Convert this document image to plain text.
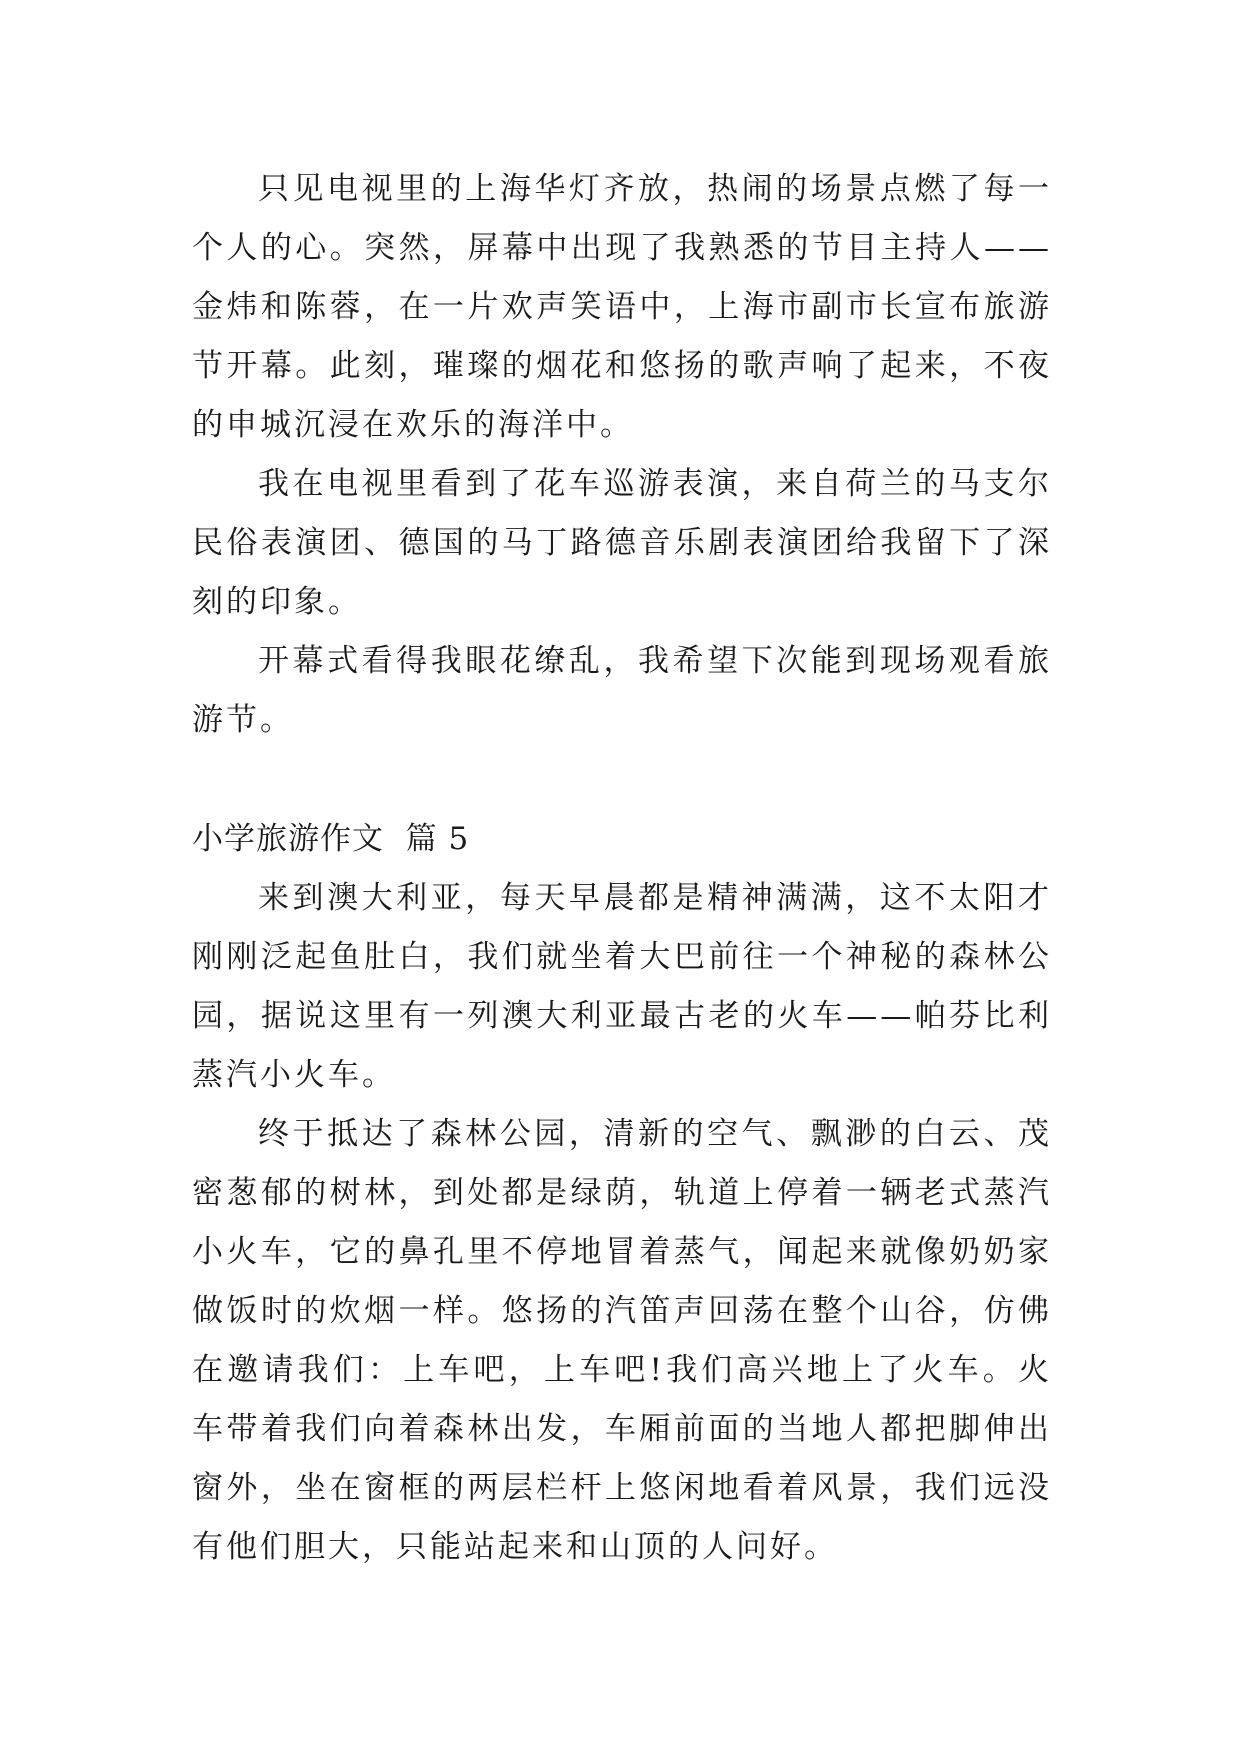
只见电视里的上海华灯齐放，热闹的场景点燃了每一个人的心。突然，屏幕中出现了我熟悉的节目主持人——金炜和陈蓉，在一片欢声笑语中，上海市副市长宣布旅游节开幕。此刻，璀璨的烟花和悠扬的歌声响了起来，不夜的申城沉浸在欢乐的海洋中。

我在电视里看到了花车巡游表演，来自荷兰的马支尔民俗表演团、德国的马丁路德音乐剧表演团给我留下了深刻的印象。

开幕式看得我眼花缭乱，我希望下次能到现场观看旅游节。

小学旅游作文  篇 5

来到澳大利亚，每天早晨都是精神满满，这不太阳才刚刚泛起鱼肚白，我们就坐着大巴前往一个神秘的森林公园，据说这里有一列澳大利亚最古老的火车——帕芬比利蒸汽小火车。

终于抵达了森林公园，清新的空气、飘渺的白云、茂密葱郁的树林，到处都是绿荫，轨道上停着一辆老式蒸汽小火车，它的鼻孔里不停地冒着蒸气，闻起来就像奶奶家做饭时的炊烟一样。悠扬的汽笛声回荡在整个山谷，仿佛在邀请我们：上车吧，上车吧!我们高兴地上了火车。火车带着我们向着森林出发，车厢前面的当地人都把脚伸出窗外，坐在窗框的两层栏杆上悠闲地看着风景，我们远没有他们胆大，只能站起来和山顶的人问好。
